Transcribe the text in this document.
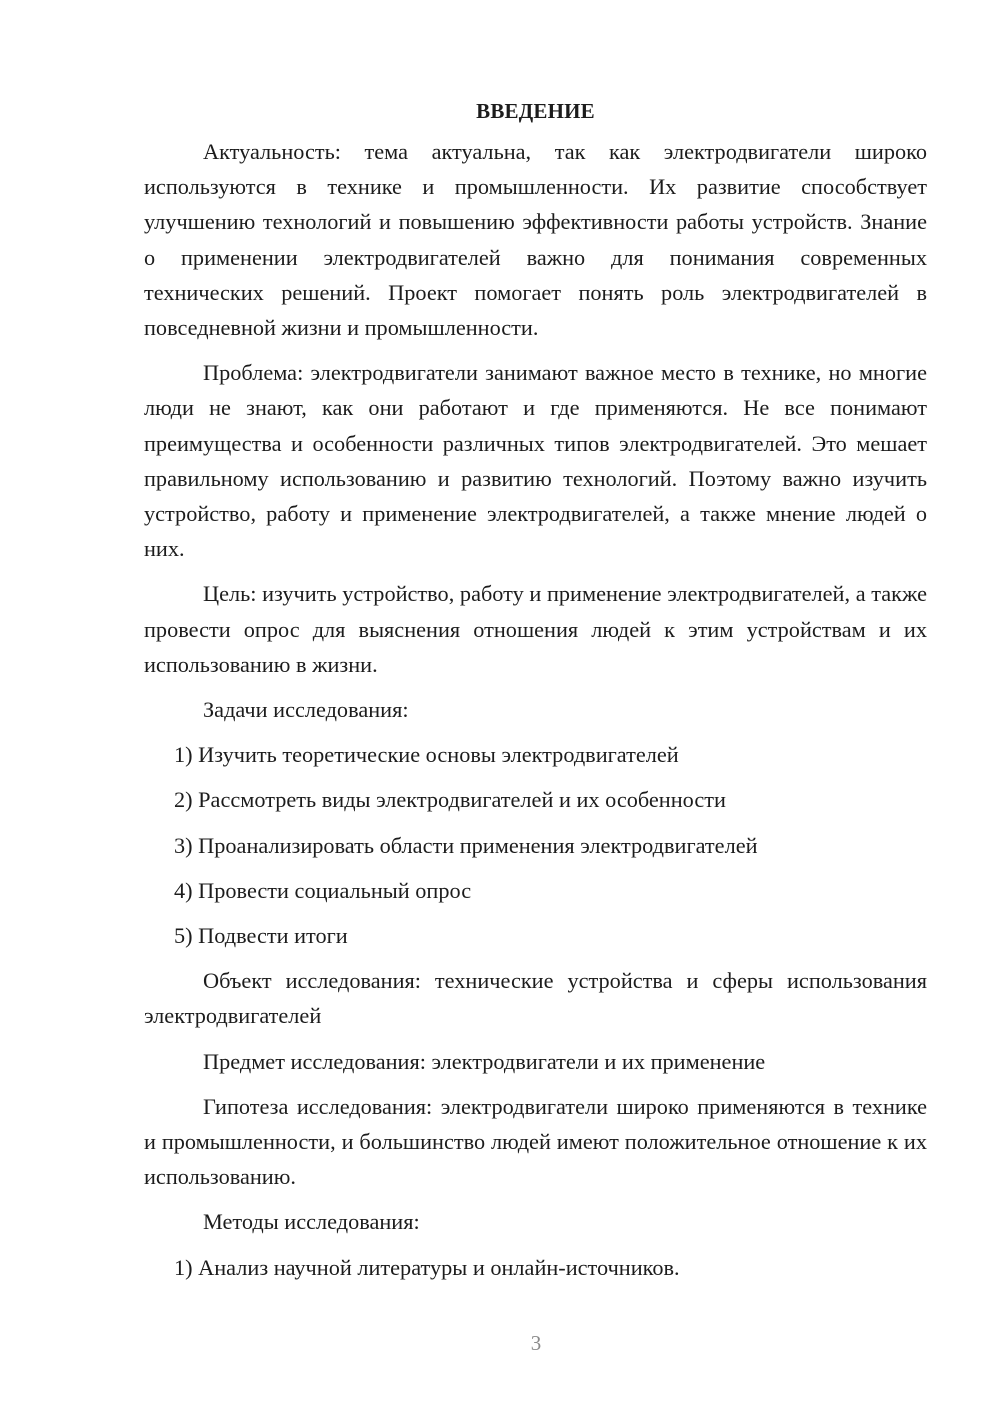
ВВЕДЕНИЕ

Актуальность: тема актуальна, так как электродвигатели широко используются в технике и промышленности. Их развитие способствует улучшению технологий и повышению эффективности работы устройств. Знание о применении электродвигателей важно для понимания современных технических решений. Проект помогает понять роль электродвигателей в повседневной жизни и промышленности.

Проблема: электродвигатели занимают важное место в технике, но многие люди не знают, как они работают и где применяются. Не все понимают преимущества и особенности различных типов электродвигателей. Это мешает правильному использованию и развитию технологий. Поэтому важно изучить устройство, работу и применение электродвигателей, а также мнение людей о них.

Цель: изучить устройство, работу и применение электродвигателей, а также провести опрос для выяснения отношения людей к этим устройствам и их использованию в жизни.

Задачи исследования:
1) Изучить теоретические основы электродвигателей
2) Рассмотреть виды электродвигателей и их особенности
3) Проанализировать области применения электродвигателей
4) Провести социальный опрос
5) Подвести итоги

Объект исследования: технические устройства и сферы использования электродвигателей

Предмет исследования: электродвигатели и их применение

Гипотеза исследования: электродвигатели широко применяются в технике и промышленности, и большинство людей имеют положительное отношение к их использованию.

Методы исследования:
1) Анализ научной литературы и онлайн-источников.
3
